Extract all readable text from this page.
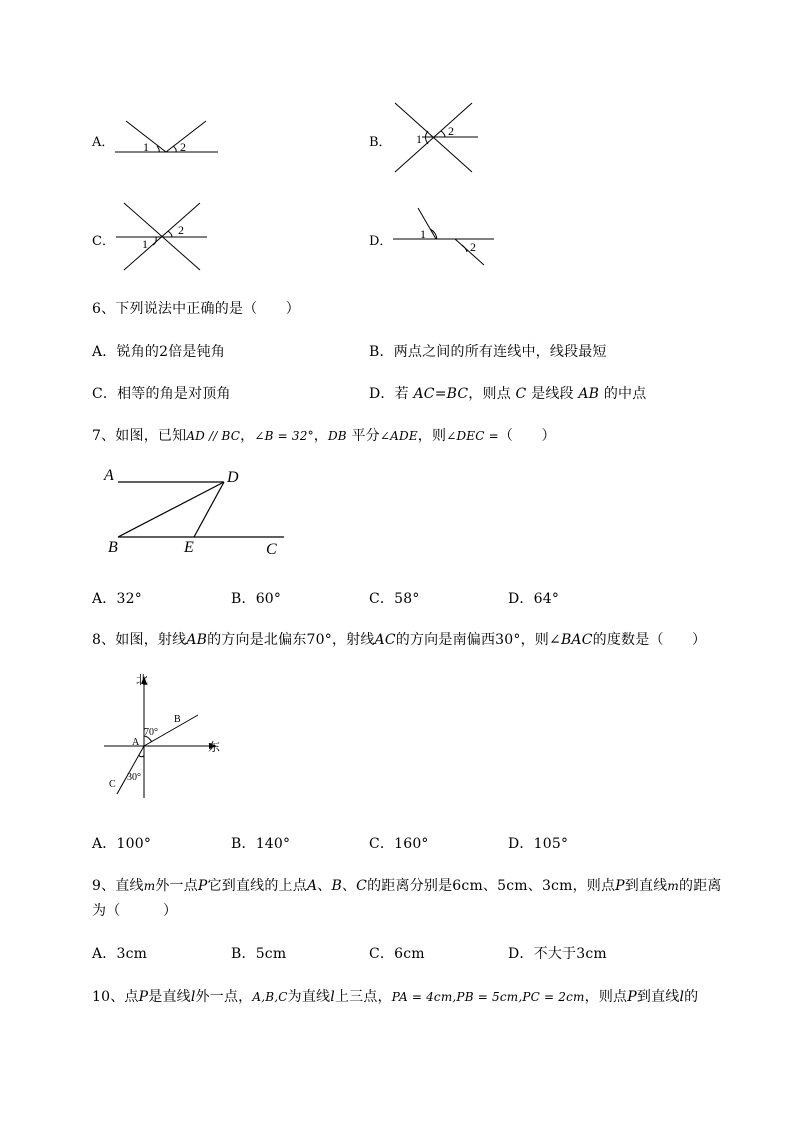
A． 1	2	B． 1
2
C． 1
2
D． 1
2
6、下列说法中正确的是（　　）
A．锐角的2倍是钝角	B．两点之间的所有连线中，线段最短
C．相等的角是对顶角	D．若 AC=BC，则点 C 是线段 AB 的中点
7、如图，已知AD // BC，∠B = 32°，DB 平分∠ADE，则∠DEC =（　　）
A	D
B	E	C
A．32°	B．60°	C．58°	D．64°
8、如图，射线AB的方向是北偏东70°，射线AC的方向是南偏西30°，则∠BAC的度数是（　　）
北
东
A
B
C
70°
30°
A．100°	B．140°	C．160°	D．105°
9、直线m外一点P它到直线的上点A、B、C的距离分别是6cm、5cm、3cm，则点P到直线m的距离
为（　　　）
A．3cm	B．5cm	C．6cm	D．不大于3cm
10、点P是直线l外一点，A,B,C为直线l上三点，PA = 4cm,PB = 5cm,PC = 2cm，则点P到直线l的
